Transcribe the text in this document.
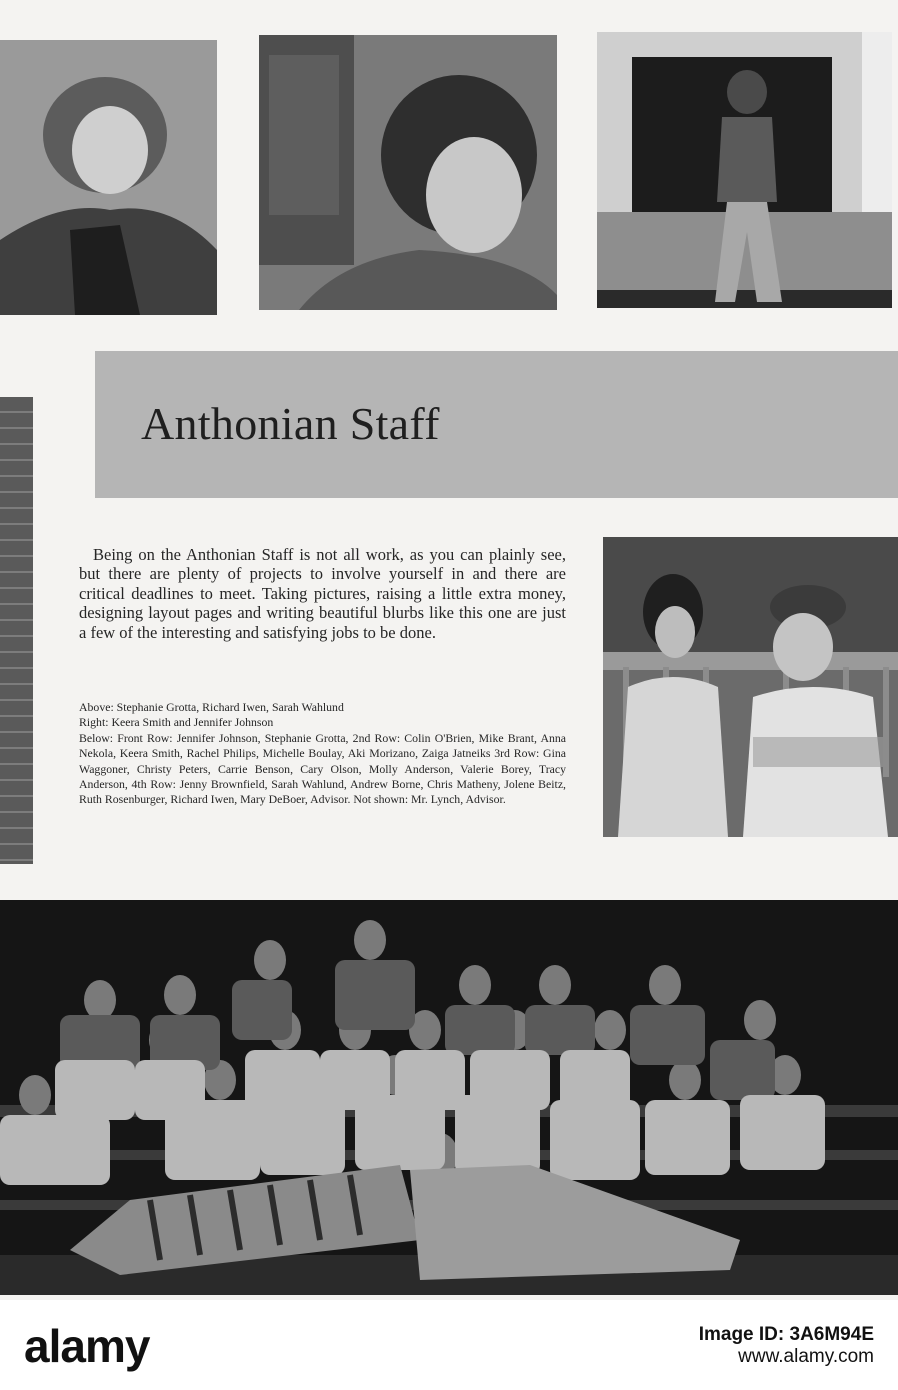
Anthonian Staff

Being on the Anthonian Staff is not all work, as you can plainly see, but there are plenty of projects to involve yourself in and there are critical deadlines to meet. Taking pictures, raising a little extra money, designing layout pages and writing beautiful blurbs like this one are just a few of the interesting and satisfying jobs to be done.

Above: Stephanie Grotta, Richard Iwen, Sarah Wahlund

Right: Keera Smith and Jennifer Johnson

Below: Front Row: Jennifer Johnson, Stephanie Grotta, 2nd Row: Colin O'Brien, Mike Brant, Anna Nekola, Keera Smith, Rachel Philips, Michelle Boulay, Aki Morizano, Zaiga Jatneiks 3rd Row: Gina Waggoner, Christy Peters, Carrie Benson, Cary Olson, Molly Anderson, Valerie Borey, Tracy Anderson, 4th Row: Jenny Brownfield, Sarah Wahlund, Andrew Borne, Chris Matheny, Jolene Beitz, Ruth Rosenburger, Richard Iwen, Mary DeBoer, Advisor. Not shown: Mr. Lynch, Advisor.

alamy	Image ID: 3A6M94E
www.alamy.com
